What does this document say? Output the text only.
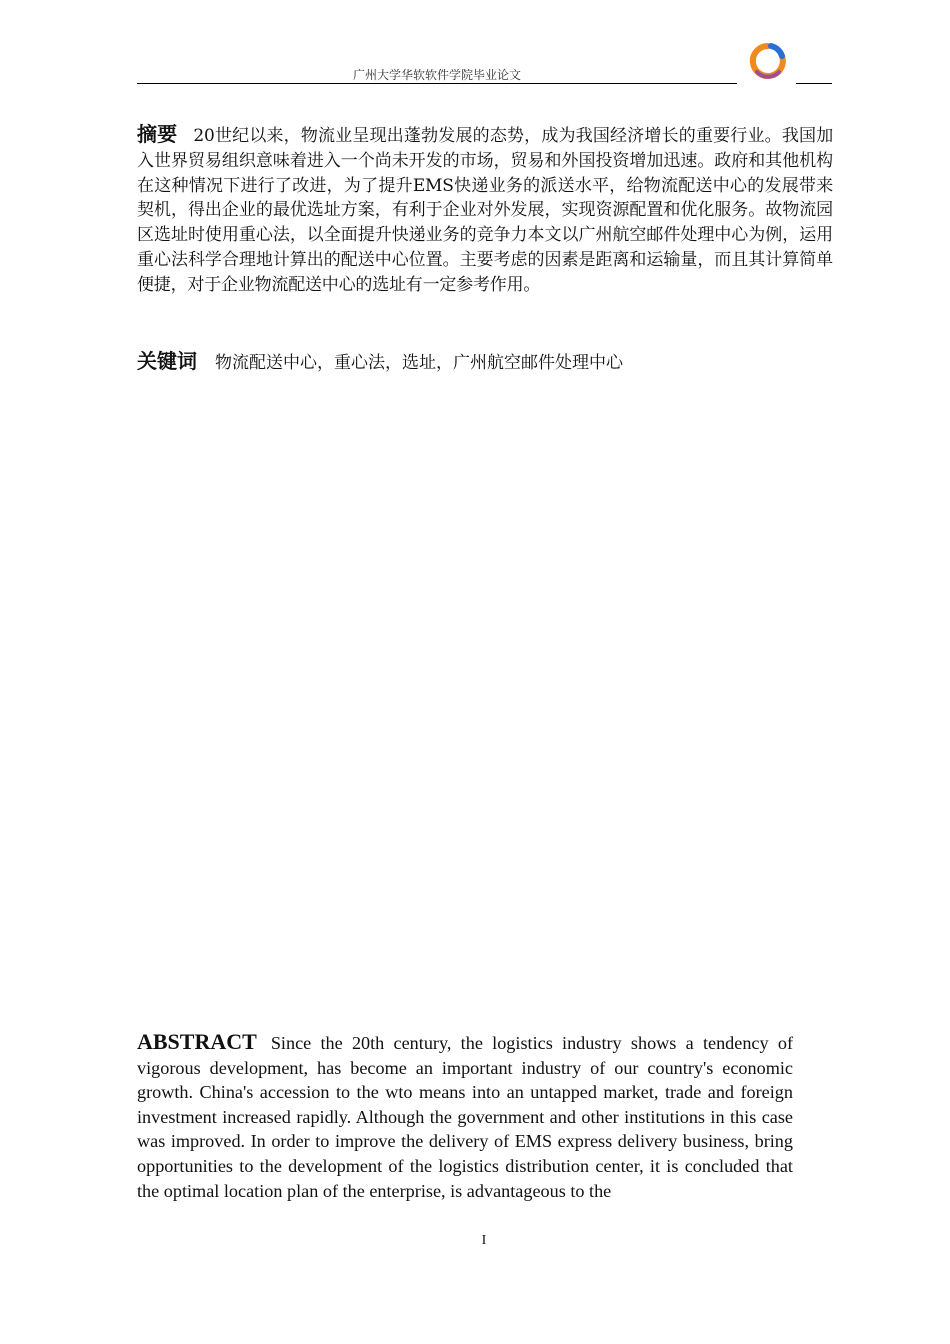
广州大学华软软件学院毕业论文
摘要 20世纪以来，物流业呈现出蓬勃发展的态势，成为我国经济增长的重要行业。我国加入世界贸易组织意味着进入一个尚未开发的市场，贸易和外国投资增加迅速。政府和其他机构在这种情况下进行了改进，为了提升EMS快递业务的派送水平，给物流配送中心的发展带来契机，得出企业的最优选址方案，有利于企业对外发展，实现资源配置和优化服务。故物流园区选址时使用重心法，以全面提升快递业务的竞争力本文以广州航空邮件处理中心为例，运用重心法科学合理地计算出的配送中心位置。主要考虑的因素是距离和运输量，而且其计算简单便捷，对于企业物流配送中心的选址有一定参考作用。
关键词 物流配送中心，重心法，选址，广州航空邮件处理中心
ABSTRACT Since the 20th century, the logistics industry shows a tendency of vigorous development, has become an important industry of our country's economic growth. China's accession to the wto means into an untapped market, trade and foreign investment increased rapidly. Although the government and other institutions in this case was improved. In order to improve the delivery of EMS express delivery business, bring opportunities to the development of the logistics distribution center, it is concluded that the optimal location plan of the enterprise, is advantageous to the
I
